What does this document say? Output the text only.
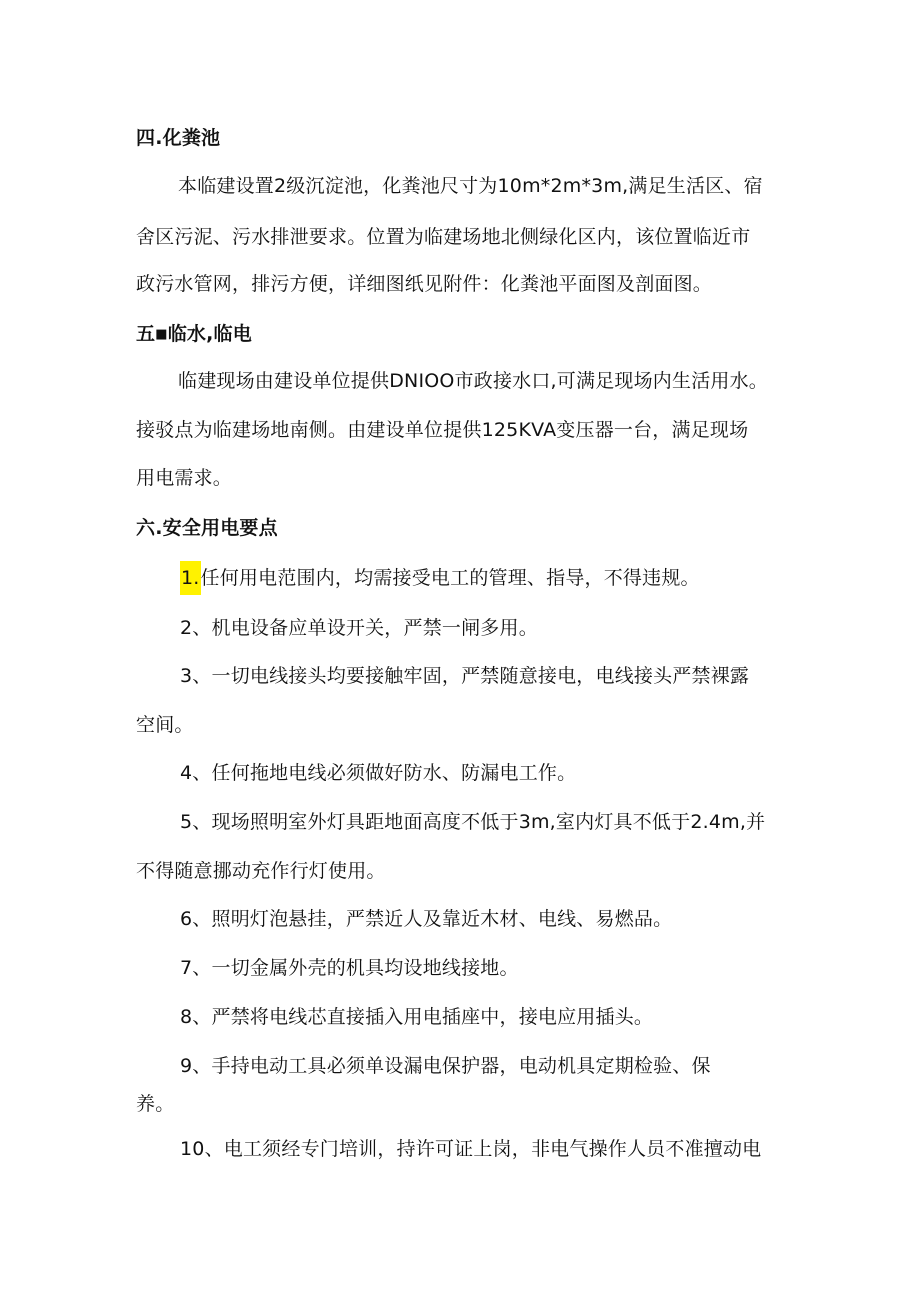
四.化粪池
本临建设置2级沉淀池，化粪池尺寸为10m*2m*3m,满足生活区、宿
舍区污泥、污水排泄要求。位置为临建场地北侧绿化区内，该位置临近市
政污水管网，排污方便，详细图纸见附件：化粪池平面图及剖面图。
五■临水,临电
临建现场由建设单位提供DNIOO市政接水口,可满足现场内生活用水。
接驳点为临建场地南侧。由建设单位提供125KVA变压器一台，满足现场
用电需求。
六.安全用电要点
1.任何用电范围内，均需接受电工的管理、指导，不得违规。
2、机电设备应单设开关，严禁一闸多用。
3、一切电线接头均要接触牢固，严禁随意接电，电线接头严禁裸露
空间。
4、任何拖地电线必须做好防水、防漏电工作。
5、现场照明室外灯具距地面高度不低于3m,室内灯具不低于2.4m,并
不得随意挪动充作行灯使用。
6、照明灯泡悬挂，严禁近人及靠近木材、电线、易燃品。
7、一切金属外壳的机具均设地线接地。
8、严禁将电线芯直接插入用电插座中，接电应用插头。
9、手持电动工具必须单设漏电保护器，电动机具定期检验、保
养。
10、电工须经专门培训，持许可证上岗，非电气操作人员不准擅动电
